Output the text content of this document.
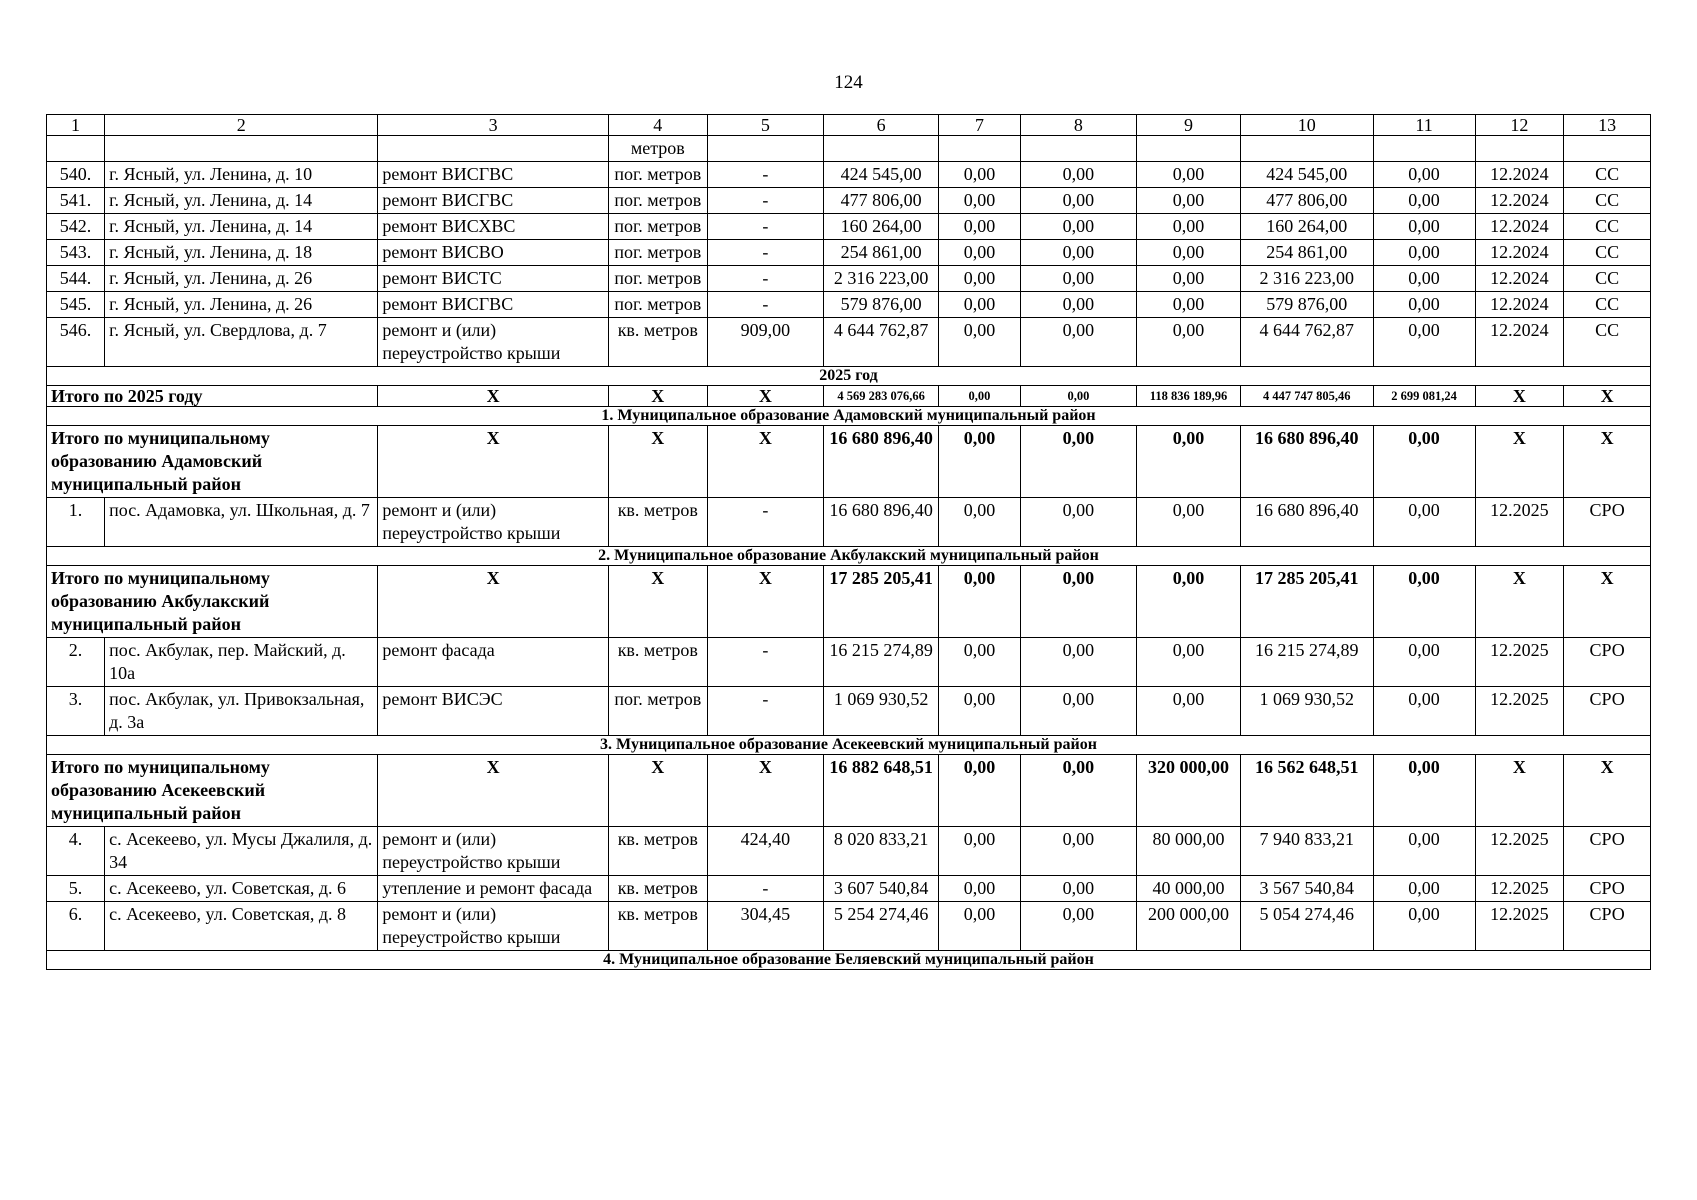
124
1	2	3	4	5	6	7	8	9	10	11	12	13
			метров									
540.	г. Ясный, ул. Ленина, д. 10	ремонт ВИСГВС	пог. метров	-	424 545,00	0,00	0,00	0,00	424 545,00	0,00	12.2024	СС
541.	г. Ясный, ул. Ленина, д. 14	ремонт ВИСГВС	пог. метров	-	477 806,00	0,00	0,00	0,00	477 806,00	0,00	12.2024	СС
542.	г. Ясный, ул. Ленина, д. 14	ремонт ВИСХВС	пог. метров	-	160 264,00	0,00	0,00	0,00	160 264,00	0,00	12.2024	СС
543.	г. Ясный, ул. Ленина, д. 18	ремонт ВИСВО	пог. метров	-	254 861,00	0,00	0,00	0,00	254 861,00	0,00	12.2024	СС
544.	г. Ясный, ул. Ленина, д. 26	ремонт ВИСТС	пог. метров	-	2 316 223,00	0,00	0,00	0,00	2 316 223,00	0,00	12.2024	СС
545.	г. Ясный, ул. Ленина, д. 26	ремонт ВИСГВС	пог. метров	-	579 876,00	0,00	0,00	0,00	579 876,00	0,00	12.2024	СС
546.	г. Ясный, ул. Свердлова, д. 7	ремонт и (или) переустройство крыши	кв. метров	909,00	4 644 762,87	0,00	0,00	0,00	4 644 762,87	0,00	12.2024	СС
2025 год												
Итого по 2025 году		X	X	X	4 569 283 076,66	0,00	0,00	118 836 189,96	4 447 747 805,46	2 699 081,24	X	X
1. Муниципальное образование Адамовский муниципальный район												
Итого по муниципальному образованию Адамовский муниципальный район		X	X	X	16 680 896,40	0,00	0,00	0,00	16 680 896,40	0,00	X	X
1.	пос. Адамовка, ул. Школьная, д. 7	ремонт и (или) переустройство крыши	кв. метров	-	16 680 896,40	0,00	0,00	0,00	16 680 896,40	0,00	12.2025	СРО
2. Муниципальное образование Акбулакский муниципальный район												
Итого по муниципальному образованию Акбулакский муниципальный район		X	X	X	17 285 205,41	0,00	0,00	0,00	17 285 205,41	0,00	X	X
2.	пос. Акбулак, пер. Майский, д. 10а	ремонт фасада	кв. метров	-	16 215 274,89	0,00	0,00	0,00	16 215 274,89	0,00	12.2025	СРО
3.	пос. Акбулак, ул. Привокзальная, д. 3а	ремонт ВИСЭС	пог. метров	-	1 069 930,52	0,00	0,00	0,00	1 069 930,52	0,00	12.2025	СРО
3. Муниципальное образование Асекеевский муниципальный район												
Итого по муниципальному образованию Асекеевский муниципальный район		X	X	X	16 882 648,51	0,00	0,00	320 000,00	16 562 648,51	0,00	X	X
4.	с. Асекеево, ул. Мусы Джалиля, д. 34	ремонт и (или) переустройство крыши	кв. метров	424,40	8 020 833,21	0,00	0,00	80 000,00	7 940 833,21	0,00	12.2025	СРО
5.	с. Асекеево, ул. Советская, д. 6	утепление и ремонт фасада	кв. метров	-	3 607 540,84	0,00	0,00	40 000,00	3 567 540,84	0,00	12.2025	СРО
6.	с. Асекеево, ул. Советская, д. 8	ремонт и (или) переустройство крыши	кв. метров	304,45	5 254 274,46	0,00	0,00	200 000,00	5 054 274,46	0,00	12.2025	СРО
4. Муниципальное образование Беляевский муниципальный район												
